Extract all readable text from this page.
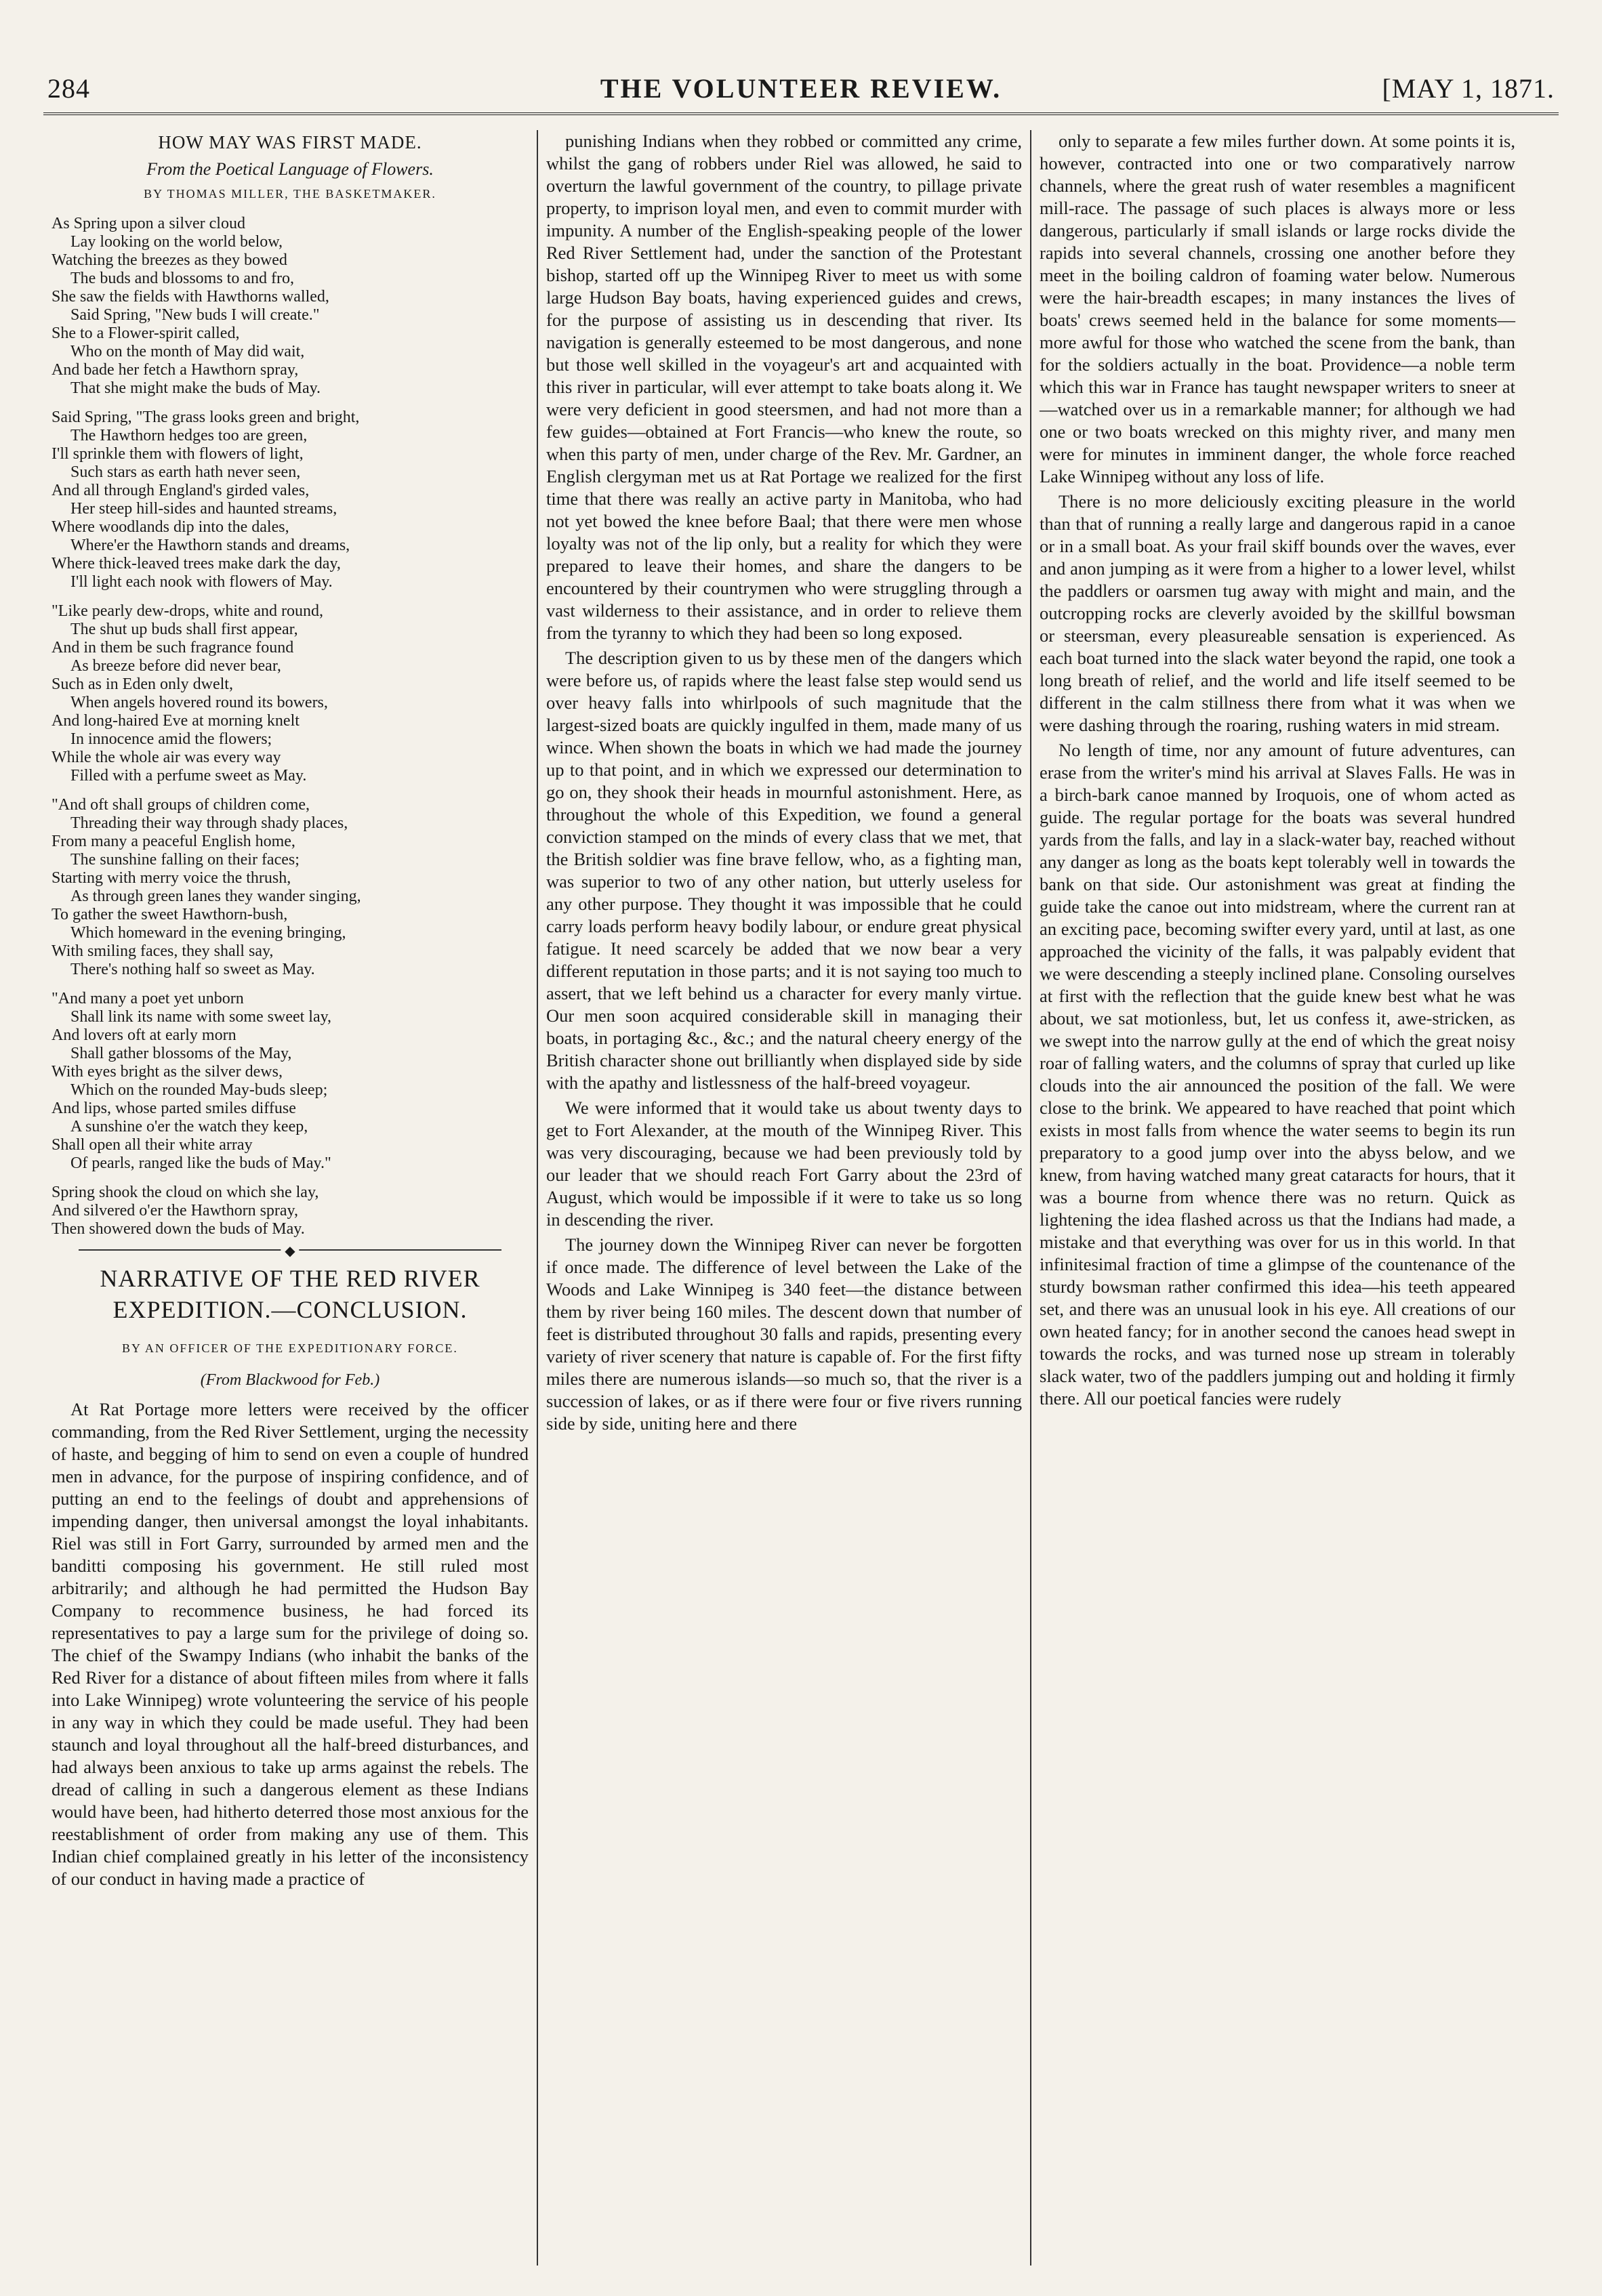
284	THE VOLUNTEER REVIEW.	[MAY 1, 1871.
HOW MAY WAS FIRST MADE.
From the Poetical Language of Flowers.
BY THOMAS MILLER, THE BASKETMAKER.
As Spring upon a silver cloud
Lay looking on the world below,
Watching the breezes as they bowed
The buds and blossoms to and fro,
She saw the fields with Hawthorns walled,
Said Spring, "New buds I will create."
She to a Flower-spirit called,
Who on the month of May did wait,
And bade her fetch a Hawthorn spray,
That she might make the buds of May.
Said Spring, "The grass looks green and bright,
The Hawthorn hedges too are green,
I'll sprinkle them with flowers of light,
Such stars as earth hath never seen,
And all through England's girded vales,
Her steep hill-sides and haunted streams,
Where woodlands dip into the dales,
Where'er the Hawthorn stands and dreams,
Where thick-leaved trees make dark the day,
I'll light each nook with flowers of May.
"Like pearly dew-drops, white and round,
The shut up buds shall first appear,
And in them be such fragrance found
As breeze before did never bear,
Such as in Eden only dwelt,
When angels hovered round its bowers,
And long-haired Eve at morning knelt
In innocence amid the flowers;
While the whole air was every way
Filled with a perfume sweet as May.
"And oft shall groups of children come,
Threading their way through shady places,
From many a peaceful English home,
The sunshine falling on their faces;
Starting with merry voice the thrush,
As through green lanes they wander singing,
To gather the sweet Hawthorn-bush,
Which homeward in the evening bringing,
With smiling faces, they shall say,
There's nothing half so sweet as May.
"And many a poet yet unborn
Shall link its name with some sweet lay,
And lovers oft at early morn
Shall gather blossoms of the May,
With eyes bright as the silver dews,
Which on the rounded May-buds sleep;
And lips, whose parted smiles diffuse
A sunshine o'er the watch they keep,
Shall open all their white array
Of pearls, ranged like the buds of May."
Spring shook the cloud on which she lay,
And silvered o'er the Hawthorn spray,
Then showered down the buds of May.
◆
NARRATIVE OF THE RED RIVER
EXPEDITION.—CONCLUSION.
BY AN OFFICER OF THE EXPEDITIONARY FORCE.
(From Blackwood for Feb.)

At Rat Portage more letters were received by the officer commanding, from the Red River Settlement, urging the necessity of haste, and begging of him to send on even a couple of hundred men in advance, for the purpose of inspiring confidence, and of putting an end to the feelings of doubt and apprehensions of impending danger, then universal amongst the loyal inhabitants. Riel was still in Fort Garry, surrounded by armed men and the banditti composing his government. He still ruled most arbitrarily; and although he had permitted the Hudson Bay Company to recommence business, he had forced its representatives to pay a large sum for the privilege of doing so. The chief of the Swampy Indians (who inhabit the banks of the Red River for a distance of about fifteen miles from where it falls into Lake Winnipeg) wrote volunteering the service of his people in any way in which they could be made useful. They had been staunch and loyal throughout all the half-breed disturbances, and had always been anxious to take up arms against the rebels. The dread of calling in such a dangerous element as these Indians would have been, had hitherto deterred those most anxious for the reestablishment of order from making any use of them. This Indian chief complained greatly in his letter of the inconsistency of our conduct in having made a practice of

punishing Indians when they robbed or committed any crime, whilst the gang of robbers under Riel was allowed, he said to overturn the lawful government of the country, to pillage private property, to imprison loyal men, and even to commit murder with impunity. A number of the English-speaking people of the lower Red River Settlement had, under the sanction of the Protestant bishop, started off up the Winnipeg River to meet us with some large Hudson Bay boats, having experienced guides and crews, for the purpose of assisting us in descending that river. Its navigation is generally esteemed to be most dangerous, and none but those well skilled in the voyageur's art and acquainted with this river in particular, will ever attempt to take boats along it. We were very deficient in good steersmen, and had not more than a few guides—obtained at Fort Francis—who knew the route, so when this party of men, under charge of the Rev. Mr. Gardner, an English clergyman met us at Rat Portage we realized for the first time that there was really an active party in Manitoba, who had not yet bowed the knee before Baal; that there were men whose loyalty was not of the lip only, but a reality for which they were prepared to leave their homes, and share the dangers to be encountered by their countrymen who were struggling through a vast wilderness to their assistance, and in order to relieve them from the tyranny to which they had been so long exposed.

The description given to us by these men of the dangers which were before us, of rapids where the least false step would send us over heavy falls into whirlpools of such magnitude that the largest-sized boats are quickly ingulfed in them, made many of us wince. When shown the boats in which we had made the journey up to that point, and in which we expressed our determination to go on, they shook their heads in mournful astonishment. Here, as throughout the whole of this Expedition, we found a general conviction stamped on the minds of every class that we met, that the British soldier was fine brave fellow, who, as a fighting man, was superior to two of any other nation, but utterly useless for any other purpose. They thought it was impossible that he could carry loads perform heavy bodily labour, or endure great physical fatigue. It need scarcely be added that we now bear a very different reputation in those parts; and it is not saying too much to assert, that we left behind us a character for every manly virtue. Our men soon acquired considerable skill in managing their boats, in portaging &c., &c.; and the natural cheery energy of the British character shone out brilliantly when displayed side by side with the apathy and listlessness of the half-breed voyageur.

We were informed that it would take us about twenty days to get to Fort Alexander, at the mouth of the Winnipeg River. This was very discouraging, because we had been previously told by our leader that we should reach Fort Garry about the 23rd of August, which would be impossible if it were to take us so long in descending the river.

The journey down the Winnipeg River can never be forgotten if once made. The difference of level between the Lake of the Woods and Lake Winnipeg is 340 feet—the distance between them by river being 160 miles. The descent down that number of feet is distributed throughout 30 falls and rapids, presenting every variety of river scenery that nature is capable of. For the first fifty miles there are numerous islands—so much so, that the river is a succession of lakes, or as if there were four or five rivers running side by side, uniting here and there

only to separate a few miles further down. At some points it is, however, contracted into one or two comparatively narrow channels, where the great rush of water resembles a magnificent mill-race. The passage of such places is always more or less dangerous, particularly if small islands or large rocks divide the rapids into several channels, crossing one another before they meet in the boiling caldron of foaming water below. Numerous were the hair-breadth escapes; in many instances the lives of boats' crews seemed held in the balance for some moments—more awful for those who watched the scene from the bank, than for the soldiers actually in the boat. Providence—a noble term which this war in France has taught newspaper writers to sneer at—watched over us in a remarkable manner; for although we had one or two boats wrecked on this mighty river, and many men were for minutes in imminent danger, the whole force reached Lake Winnipeg without any loss of life.

There is no more deliciously exciting pleasure in the world than that of running a really large and dangerous rapid in a canoe or in a small boat. As your frail skiff bounds over the waves, ever and anon jumping as it were from a higher to a lower level, whilst the paddlers or oarsmen tug away with might and main, and the outcropping rocks are cleverly avoided by the skillful bowsman or steersman, every pleasureable sensation is experienced. As each boat turned into the slack water beyond the rapid, one took a long breath of relief, and the world and life itself seemed to be different in the calm stillness there from what it was when we were dashing through the roaring, rushing waters in mid stream.

No length of time, nor any amount of future adventures, can erase from the writer's mind his arrival at Slaves Falls. He was in a birch-bark canoe manned by Iroquois, one of whom acted as guide. The regular portage for the boats was several hundred yards from the falls, and lay in a slack-water bay, reached without any danger as long as the boats kept tolerably well in towards the bank on that side. Our astonishment was great at finding the guide take the canoe out into midstream, where the current ran at an exciting pace, becoming swifter every yard, until at last, as one approached the vicinity of the falls, it was palpably evident that we were descending a steeply inclined plane. Consoling ourselves at first with the reflection that the guide knew best what he was about, we sat motionless, but, let us confess it, awe-stricken, as we swept into the narrow gully at the end of which the great noisy roar of falling waters, and the columns of spray that curled up like clouds into the air announced the position of the fall. We were close to the brink. We appeared to have reached that point which exists in most falls from whence the water seems to begin its run preparatory to a good jump over into the abyss below, and we knew, from having watched many great cataracts for hours, that it was a bourne from whence there was no return. Quick as lightening the idea flashed across us that the Indians had made, a mistake and that everything was over for us in this world. In that infinitesimal fraction of time a glimpse of the countenance of the sturdy bowsman rather confirmed this idea—his teeth appeared set, and there was an unusual look in his eye. All creations of our own heated fancy; for in another second the canoes head swept in towards the rocks, and was turned nose up stream in tolerably slack water, two of the paddlers jumping out and holding it firmly there. All our poetical fancies were rudely
